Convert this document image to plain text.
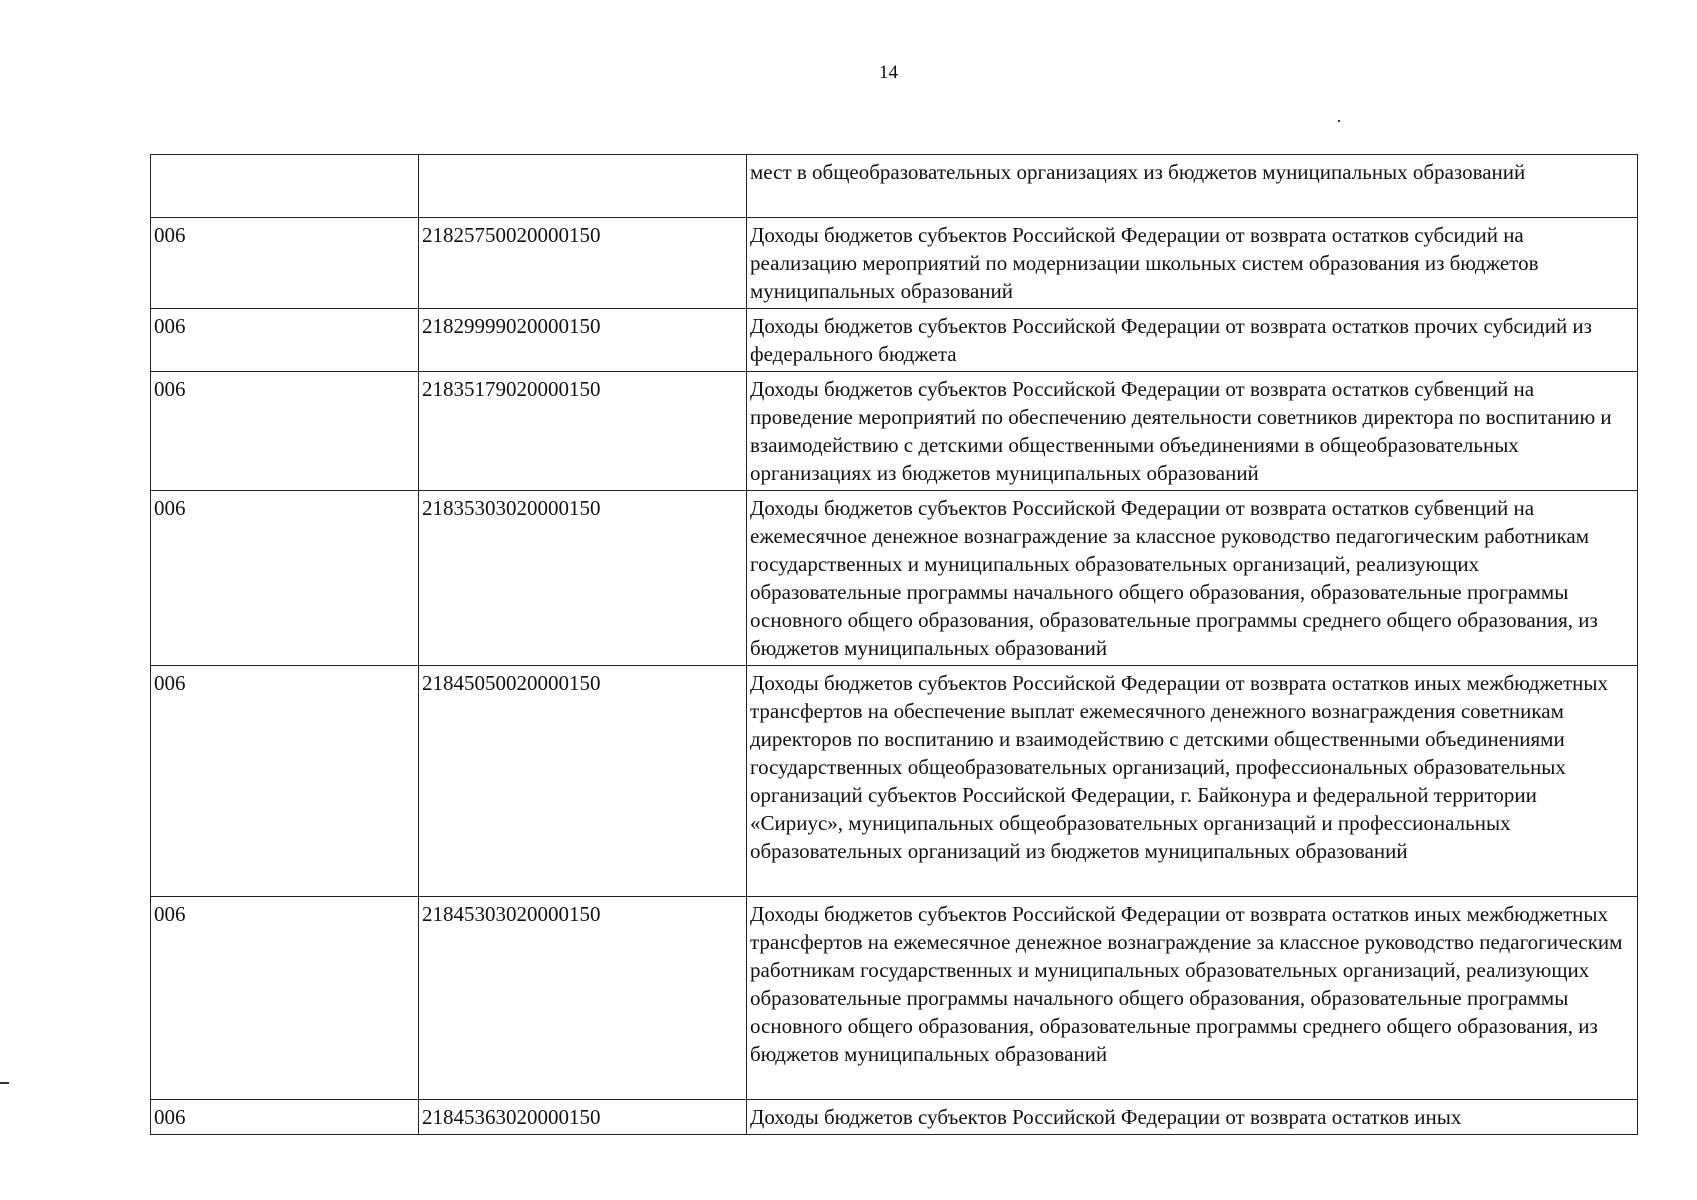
14
		мест в общеобразовательных организациях из бюджетов муниципальных образований
006	21825750020000150	Доходы бюджетов субъектов Российской Федерации от возврата остатков субсидий на реализацию мероприятий по модернизации школьных систем образования из бюджетов муниципальных образований
006	21829999020000150	Доходы бюджетов субъектов Российской Федерации от возврата остатков прочих субсидий из федерального бюджета
006	21835179020000150	Доходы бюджетов субъектов Российской Федерации от возврата остатков субвенций на проведение мероприятий по обеспечению деятельности советников директора по воспитанию и взаимодействию с детскими общественными объединениями в общеобразовательных организациях из бюджетов муниципальных образований
006	21835303020000150	Доходы бюджетов субъектов Российской Федерации от возврата остатков субвенций на ежемесячное денежное вознаграждение за классное руководство педагогическим работникам государственных и муниципальных образовательных организаций, реализующих образовательные программы начального общего образования, образовательные программы основного общего образования, образовательные программы среднего общего образования, из бюджетов муниципальных образований
006	21845050020000150	Доходы бюджетов субъектов Российской Федерации от возврата остатков иных межбюджетных трансфертов на обеспечение выплат ежемесячного денежного вознаграждения советникам директоров по воспитанию и взаимодействию с детскими общественными объединениями государственных общеобразовательных организаций, профессиональных образовательных организаций субъектов Российской Федерации, г. Байконура и федеральной территории «Сириус», муниципальных общеобразовательных организаций и профессиональных образовательных организаций из бюджетов муниципальных образований
006	21845303020000150	Доходы бюджетов субъектов Российской Федерации от возврата остатков иных межбюджетных трансфертов на ежемесячное денежное вознаграждение за классное руководство педагогическим работникам государственных и муниципальных образовательных организаций, реализующих образовательные программы начального общего образования, образовательные программы основного общего образования, образовательные программы среднего общего образования, из бюджетов муниципальных образований
006	21845363020000150	Доходы бюджетов субъектов Российской Федерации от возврата остатков иных
